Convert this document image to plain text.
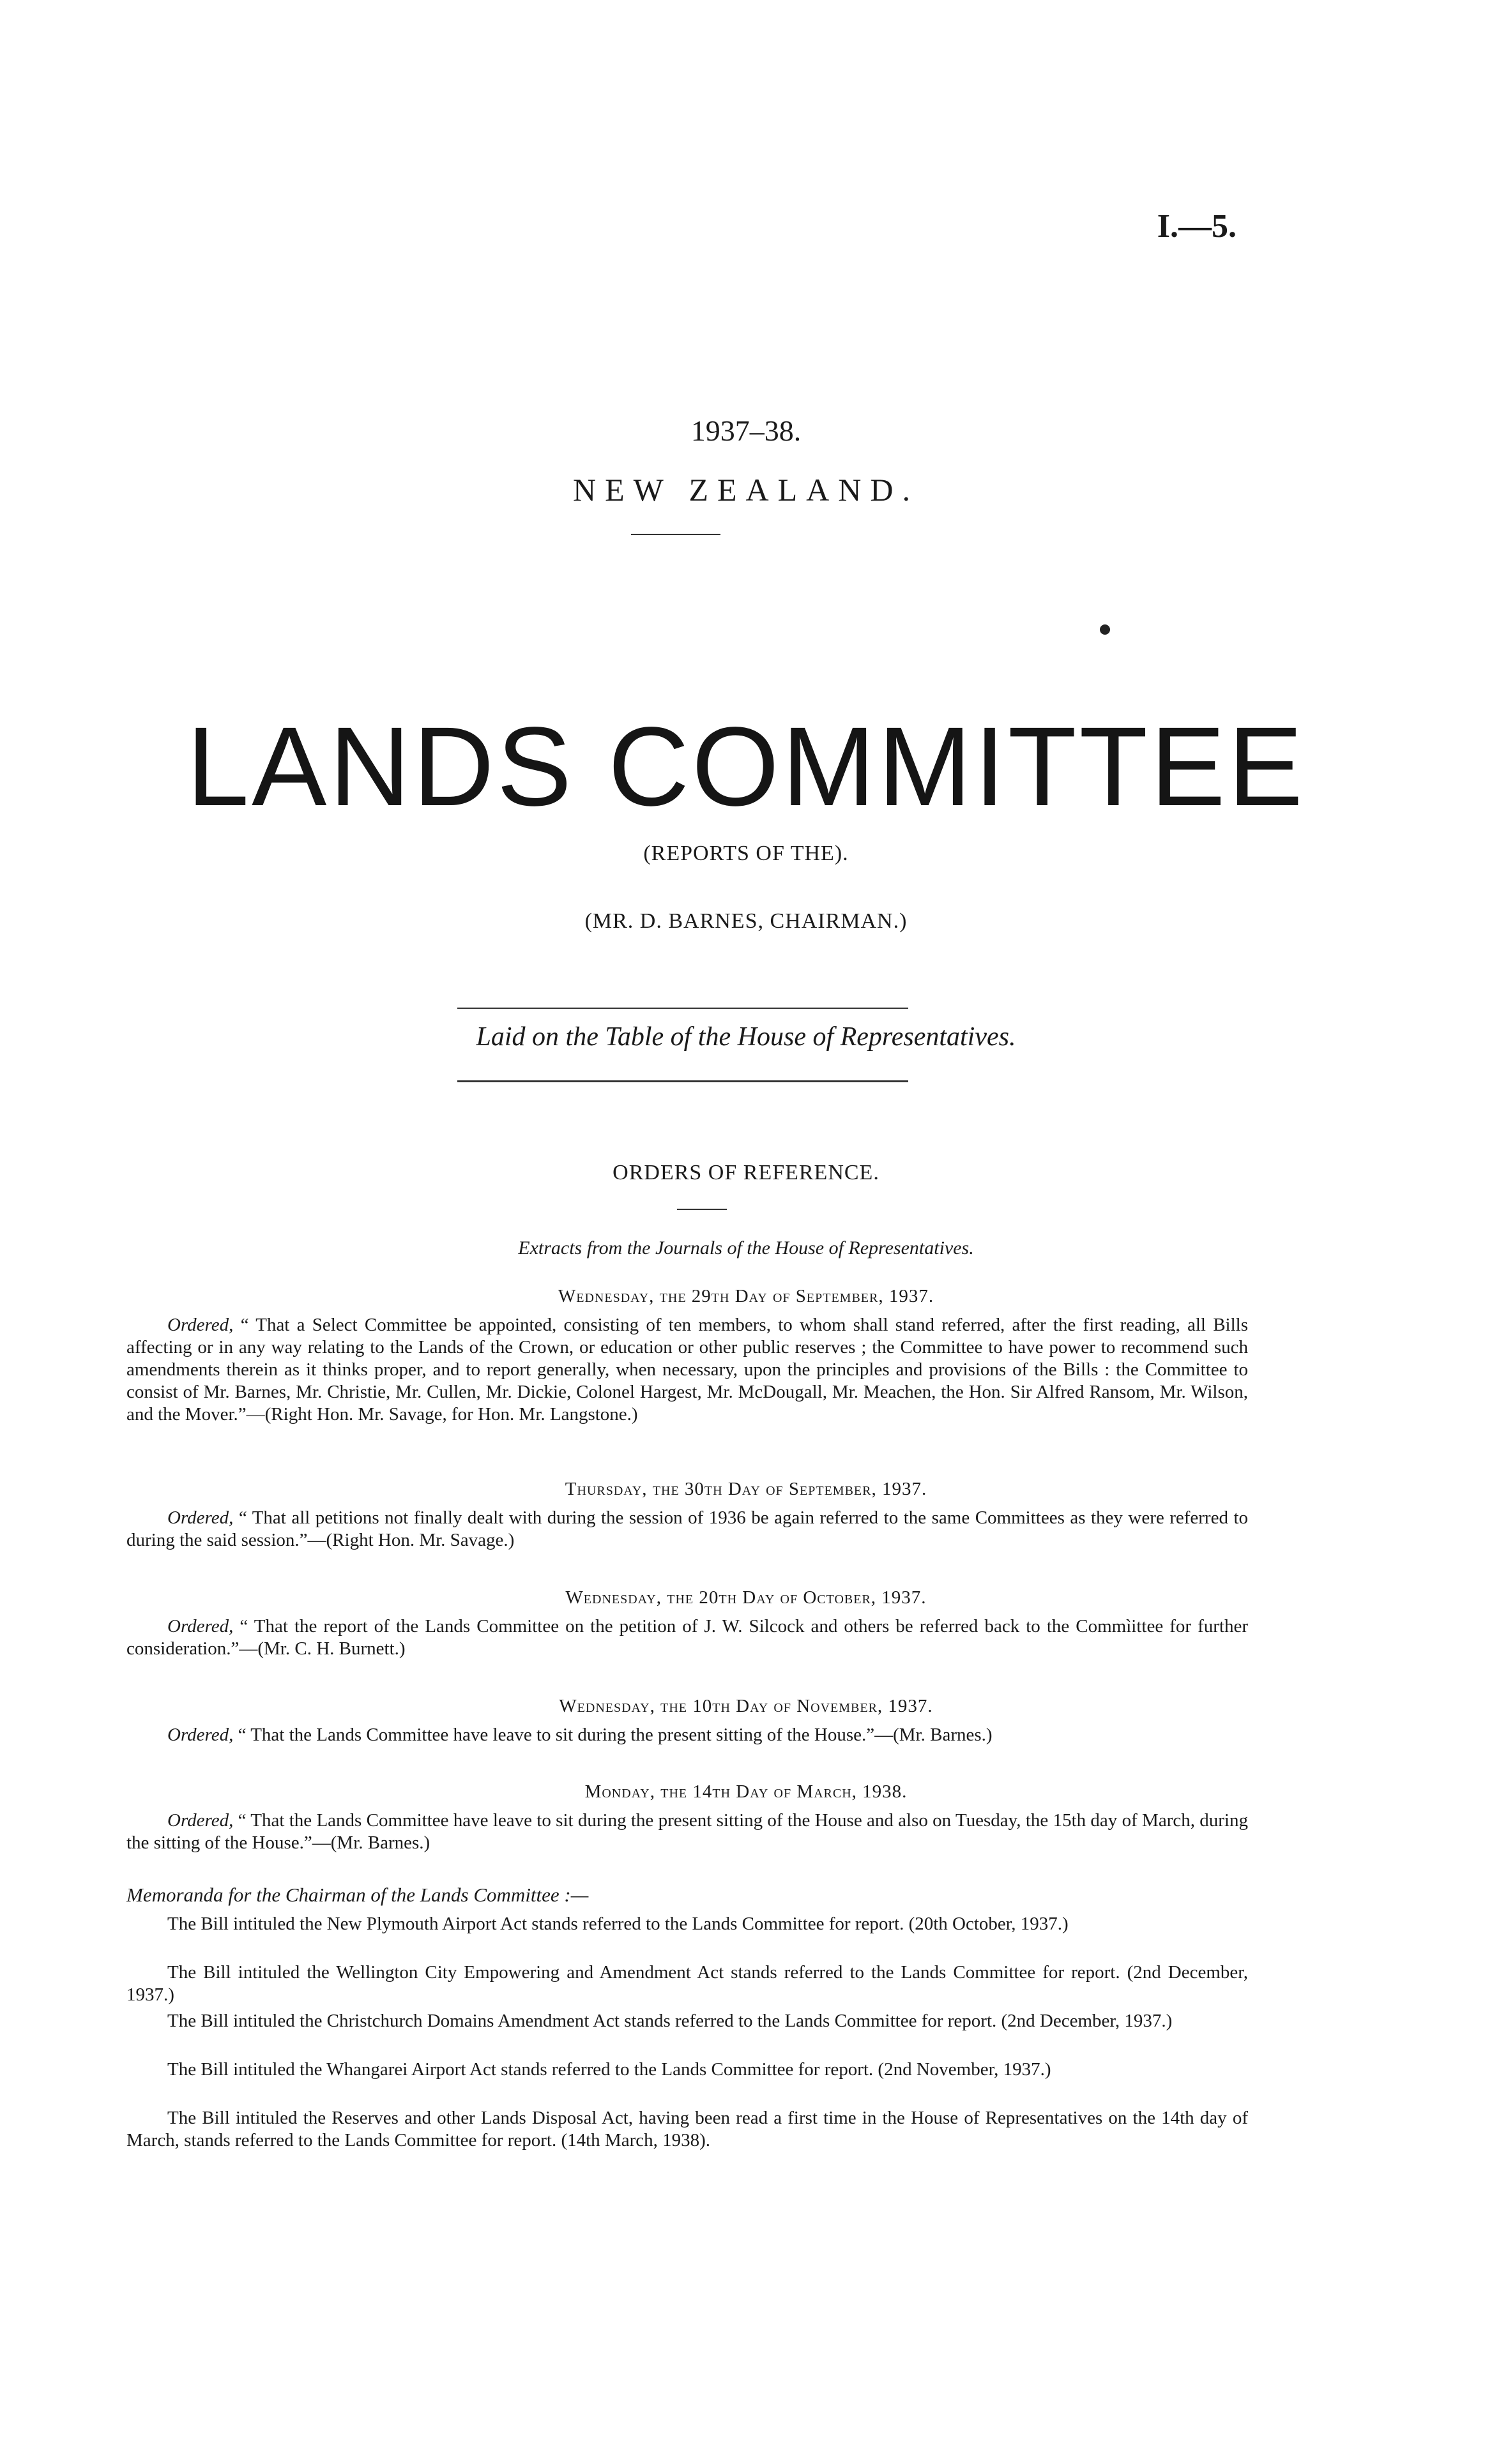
I.—5.
1937–38.
NEW ZEALAND.
LANDS COMMITTEE
(REPORTS OF THE).
(MR. D. BARNES, CHAIRMAN.)
Laid on the Table of the House of Representatives.
ORDERS OF REFERENCE.
Extracts from the Journals of the House of Representatives.
Wednesday, the 29th Day of September, 1937.
Ordered, “ That a Select Committee be appointed, consisting of ten members, to whom shall stand referred, after the first reading, all Bills affecting or in any way relating to the Lands of the Crown, or education or other public reserves ; the Committee to have power to recommend such amendments therein as it thinks proper, and to report generally, when necessary, upon the principles and provisions of the Bills : the Committee to consist of Mr. Barnes, Mr. Christie, Mr. Cullen, Mr. Dickie, Colonel Hargest, Mr. McDougall, Mr. Meachen, the Hon. Sir Alfred Ransom, Mr. Wilson, and the Mover.”—(Right Hon. Mr. Savage, for Hon. Mr. Langstone.)
Thursday, the 30th Day of September, 1937.
Ordered, “ That all petitions not finally dealt with during the session of 1936 be again referred to the same Committees as they were referred to during the said session.”—(Right Hon. Mr. Savage.)
Wednesday, the 20th Day of October, 1937.
Ordered, “ That the report of the Lands Committee on the petition of J. W. Silcock and others be referred back to the Commìittee for further consideration.”—(Mr. C. H. Burnett.)
Wednesday, the 10th Day of November, 1937.
Ordered, “ That the Lands Committee have leave to sit during the present sitting of the House.”—(Mr. Barnes.)
Monday, the 14th Day of March, 1938.
Ordered, “ That the Lands Committee have leave to sit during the present sitting of the House and also on Tuesday, the 15th day of March, during the sitting of the House.”—(Mr. Barnes.)
Memoranda for the Chairman of the Lands Committee :—
The Bill intituled the New Plymouth Airport Act stands referred to the Lands Committee for report. (20th October, 1937.)
The Bill intituled the Wellington City Empowering and Amendment Act stands referred to the Lands Committee for report. (2nd December, 1937.)
The Bill intituled the Christchurch Domains Amendment Act stands referred to the Lands Committee for report. (2nd December, 1937.)
The Bill intituled the Whangarei Airport Act stands referred to the Lands Committee for report. (2nd November, 1937.)
The Bill intituled the Reserves and other Lands Disposal Act, having been read a first time in the House of Representatives on the 14th day of March, stands referred to the Lands Committee for report. (14th March, 1938).
